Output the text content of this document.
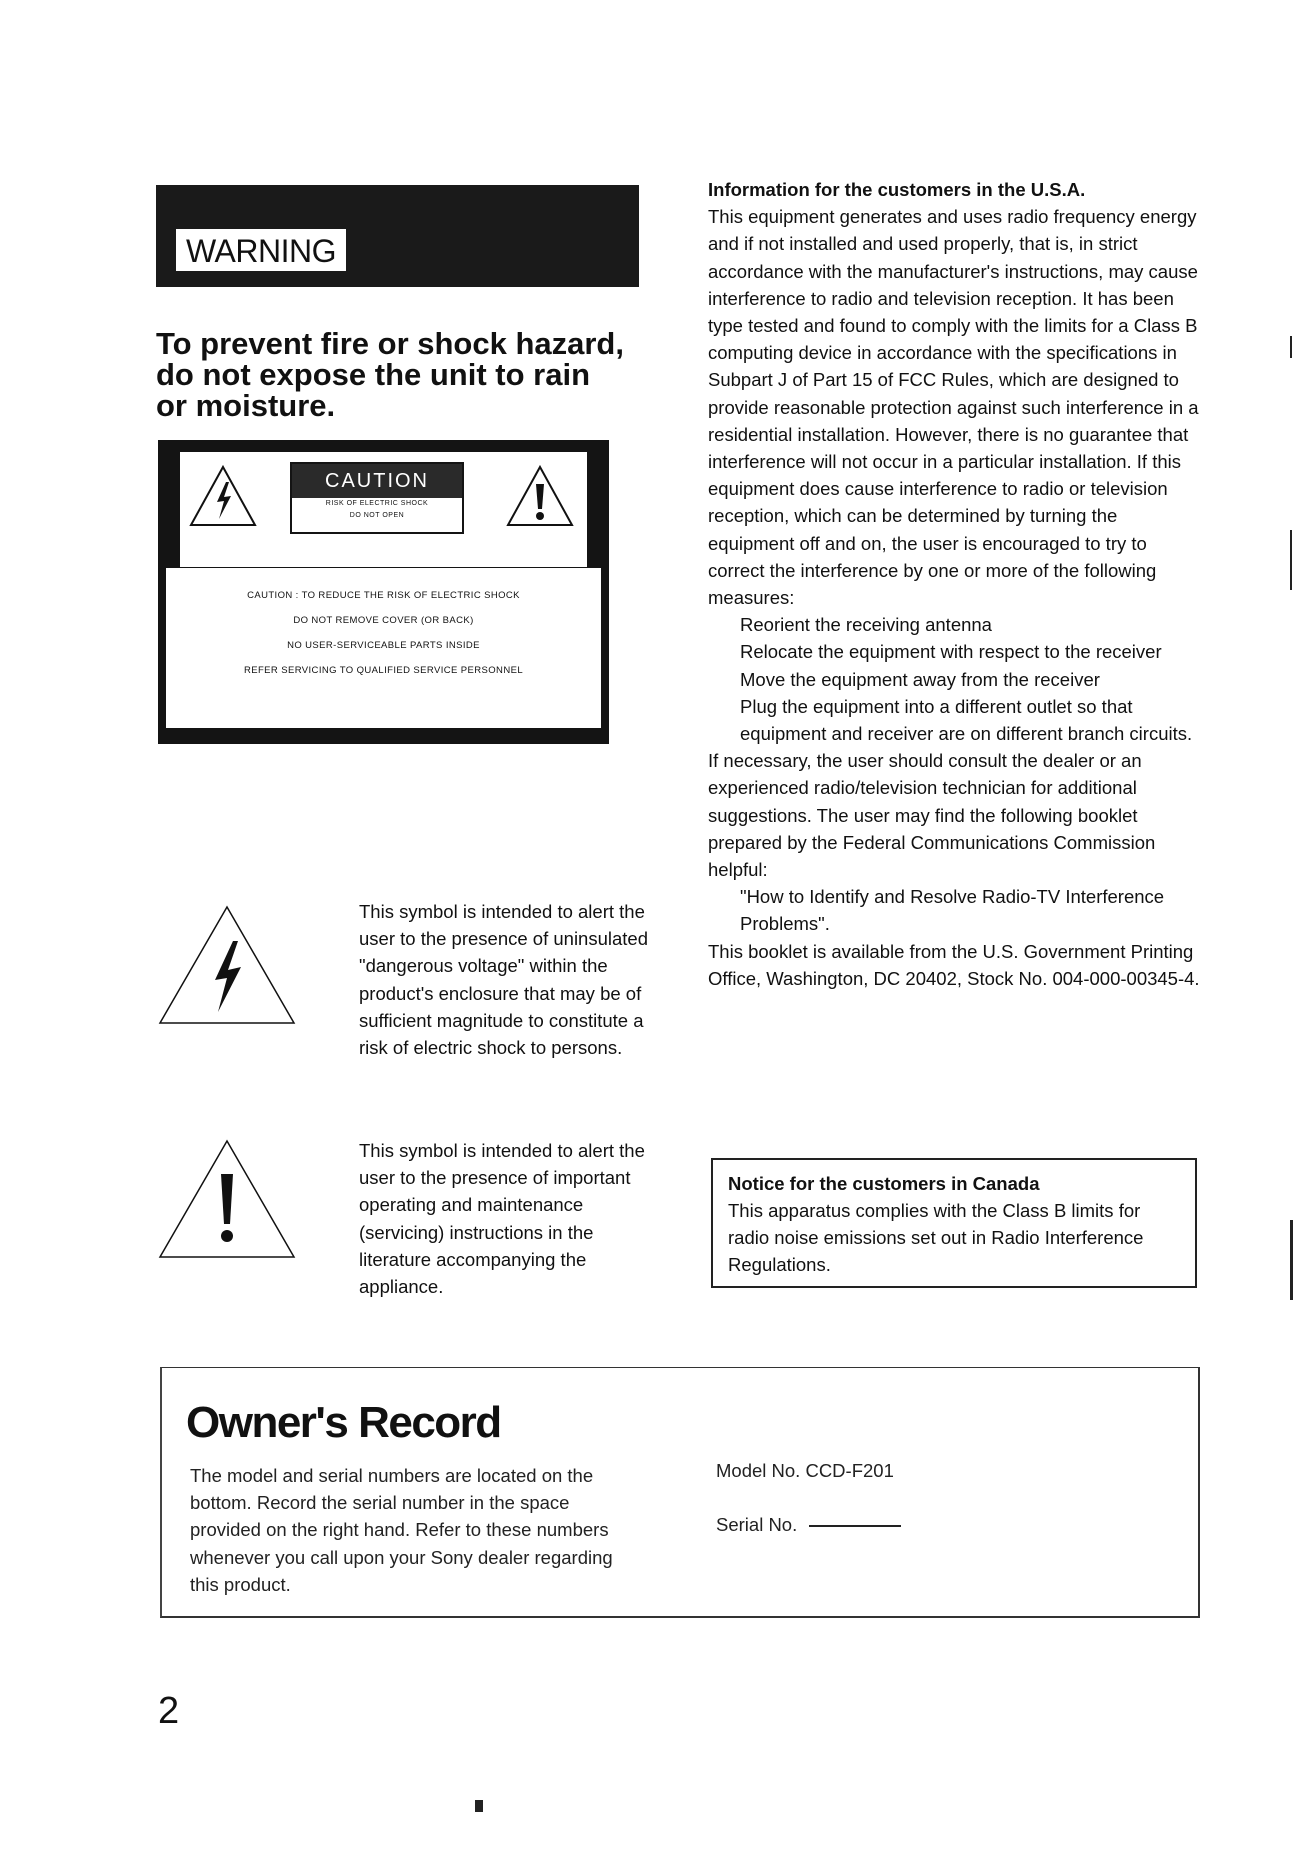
WARNING
To prevent fire or shock hazard, do not expose the unit to rain or moisture.
CAUTION
RISK OF ELECTRIC SHOCK
DO NOT OPEN
CAUTION : TO REDUCE THE RISK OF ELECTRIC SHOCK
DO NOT REMOVE COVER (OR BACK)
NO USER-SERVICEABLE PARTS INSIDE
REFER SERVICING TO QUALIFIED SERVICE PERSONNEL

This symbol is intended to alert the user to the presence of uninsulated "dangerous voltage" within the product's enclosure that may be of sufficient magnitude to constitute a risk of electric shock to persons.

This symbol is intended to alert the user to the presence of important operating and maintenance (servicing) instructions in the literature accompanying the appliance.

Information for the customers in the U.S.A.

This equipment generates and uses radio frequency energy and if not installed and used properly, that is, in strict accordance with the manufacturer's instructions, may cause interference to radio and television reception. It has been type tested and found to comply with the limits for a Class B computing device in accordance with the specifications in Subpart J of Part 15 of FCC Rules, which are designed to provide reasonable protection against such interference in a residential installation. However, there is no guarantee that interference will not occur in a particular installation. If this equipment does cause interference to radio or television reception, which can be determined by turning the equipment off and on, the user is encouraged to try to correct the interference by one or more of the following measures:

Reorient the receiving antenna

Relocate the equipment with respect to the receiver

Move the equipment away from the receiver

Plug the equipment into a different outlet so that equipment and receiver are on different branch circuits.

If necessary, the user should consult the dealer or an experienced radio/television technician for additional suggestions. The user may find the following booklet prepared by the Federal Communications Commission helpful:

"How to Identify and Resolve Radio-TV Interference Problems".

This booklet is available from the U.S. Government Printing Office, Washington, DC 20402, Stock No. 004-000-00345-4.

Notice for the customers in Canada
This apparatus complies with the Class B limits for radio noise emissions set out in Radio Interference Regulations.
Owner's Record
The model and serial numbers are located on the bottom. Record the serial number in the space provided on the right hand. Refer to these numbers whenever you call upon your Sony dealer regarding this product.
Model No. CCD-F201
Serial No.
2
